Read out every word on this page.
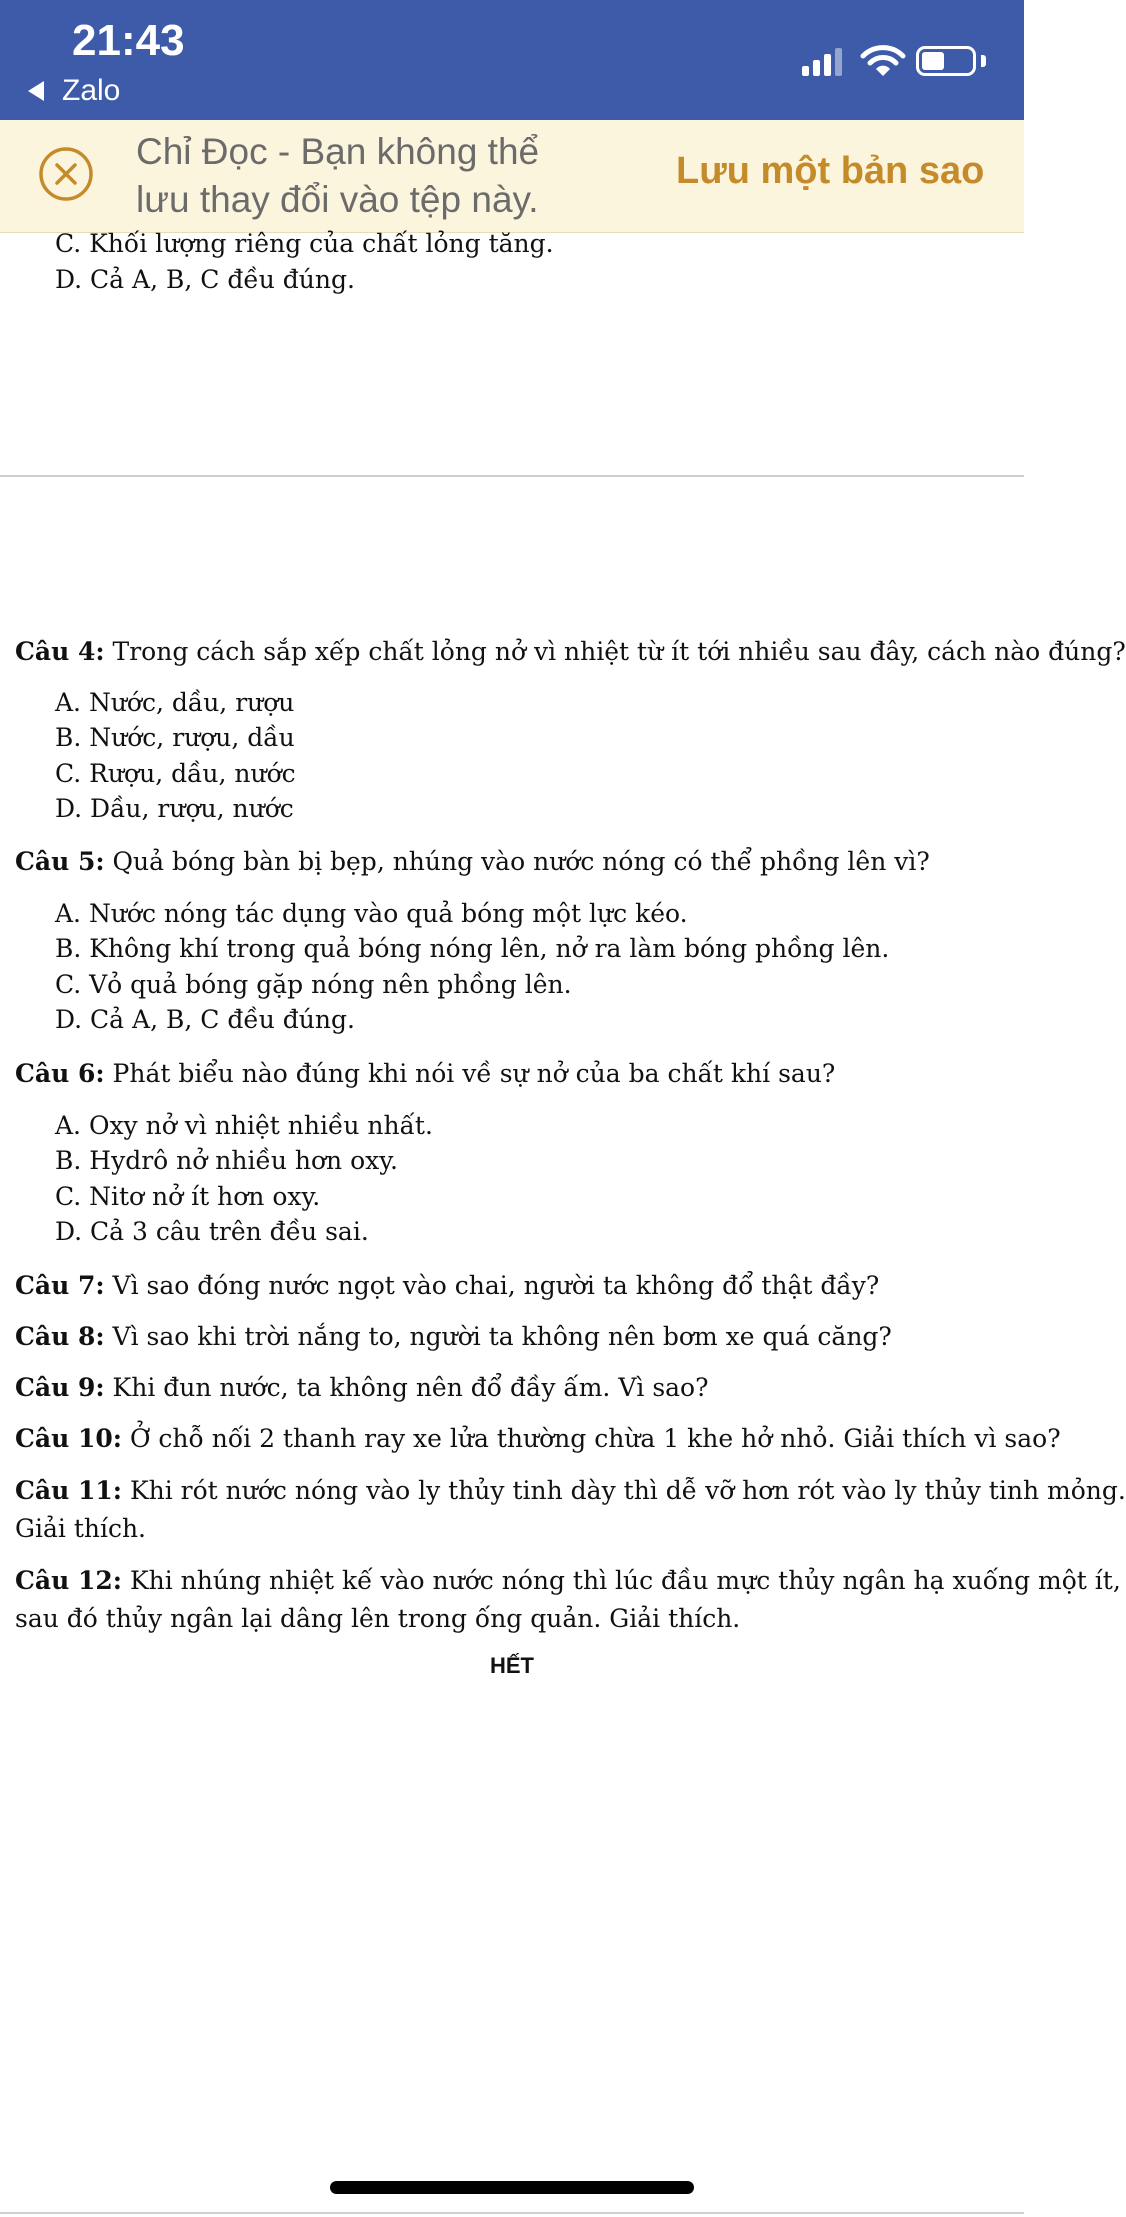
21:43
Zalo
Chỉ Đọc - Bạn không thể
lưu thay đổi vào tệp này.
Lưu một bản sao
C. Khối lượng riêng của chất lỏng tăng.
D. Cả A, B, C đều đúng.
Câu 4: Trong cách sắp xếp chất lỏng nở vì nhiệt từ ít tới nhiều sau đây, cách nào đúng?
A. Nước, dầu, rượu
B. Nước, rượu, dầu
C. Rượu, dầu, nước
D. Dầu, rượu, nước
Câu 5: Quả bóng bàn bị bẹp, nhúng vào nước nóng có thể phồng lên vì?
A. Nước nóng tác dụng vào quả bóng một lực kéo.
B. Không khí trong quả bóng nóng lên, nở ra làm bóng phồng lên.
C. Vỏ quả bóng gặp nóng nên phồng lên.
D. Cả A, B, C đều đúng.
Câu 6: Phát biểu nào đúng khi nói về sự nở của ba chất khí sau?
A. Oxy nở vì nhiệt nhiều nhất.
B. Hydrô nở nhiều hơn oxy.
C. Nitơ nở ít hơn oxy.
D. Cả 3 câu trên đều sai.
Câu 7: Vì sao đóng nước ngọt vào chai, người ta không đổ thật đầy?
Câu 8: Vì sao khi trời nắng to, người ta không nên bơm xe quá căng?
Câu 9: Khi đun nước, ta không nên đổ đầy ấm. Vì sao?
Câu 10: Ở chỗ nối 2 thanh ray xe lửa thường chừa 1 khe hở nhỏ. Giải thích vì sao?
Câu 11: Khi rót nước nóng vào ly thủy tinh dày thì dễ vỡ hơn rót vào ly thủy tinh mỏng.
Giải thích.
Câu 12: Khi nhúng nhiệt kế vào nước nóng thì lúc đầu mực thủy ngân hạ xuống một ít,
sau đó thủy ngân lại dâng lên trong ống quản. Giải thích.
HẾT
